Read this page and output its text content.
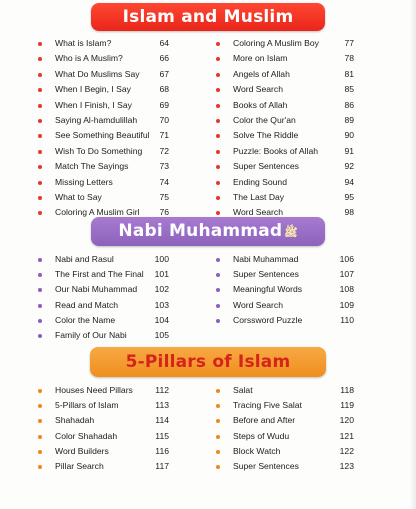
Islam and Muslim
What is Islam?	64
Who is A Muslim?	66
What Do Muslims Say	67
When I Begin, I Say	68
When I Finish, I Say	69
Saying Al-hamdulillah	70
See Something Beautiful	71
Wish To Do Something	72
Match The Sayings	73
Missing Letters	74
What to Say	75
Coloring A Muslim Girl	76
Coloring A Muslim Boy	77
More on Islam	78
Angels of Allah	81
Word Search	85
Books of Allah	86
Color the Qur'an	89
Solve The Riddle	90
Puzzle: Books of Allah	91
Super Sentences	92
Ending Sound	94
The Last Day	95
Word Search	98
Nabi Muhammad ﷺ
Nabi and Rasul	100
The First and The Final	101
Our Nabi Muhammad	102
Read and Match	103
Color the Name	104
Family of Our Nabi	105
Nabi Muhammad	106
Super Sentences	107
Meaningful Words	108
Word Search	109
Corssword Puzzle	110
5-Pillars of Islam
Houses Need Pillars	112
5-Pillars of Islam	113
Shahadah	114
Color Shahadah	115
Word Builders	116
Pillar Search	117
Salat	118
Tracing Five Salat	119
Before and After	120
Steps of Wudu	121
Block Watch	122
Super Sentences	123
